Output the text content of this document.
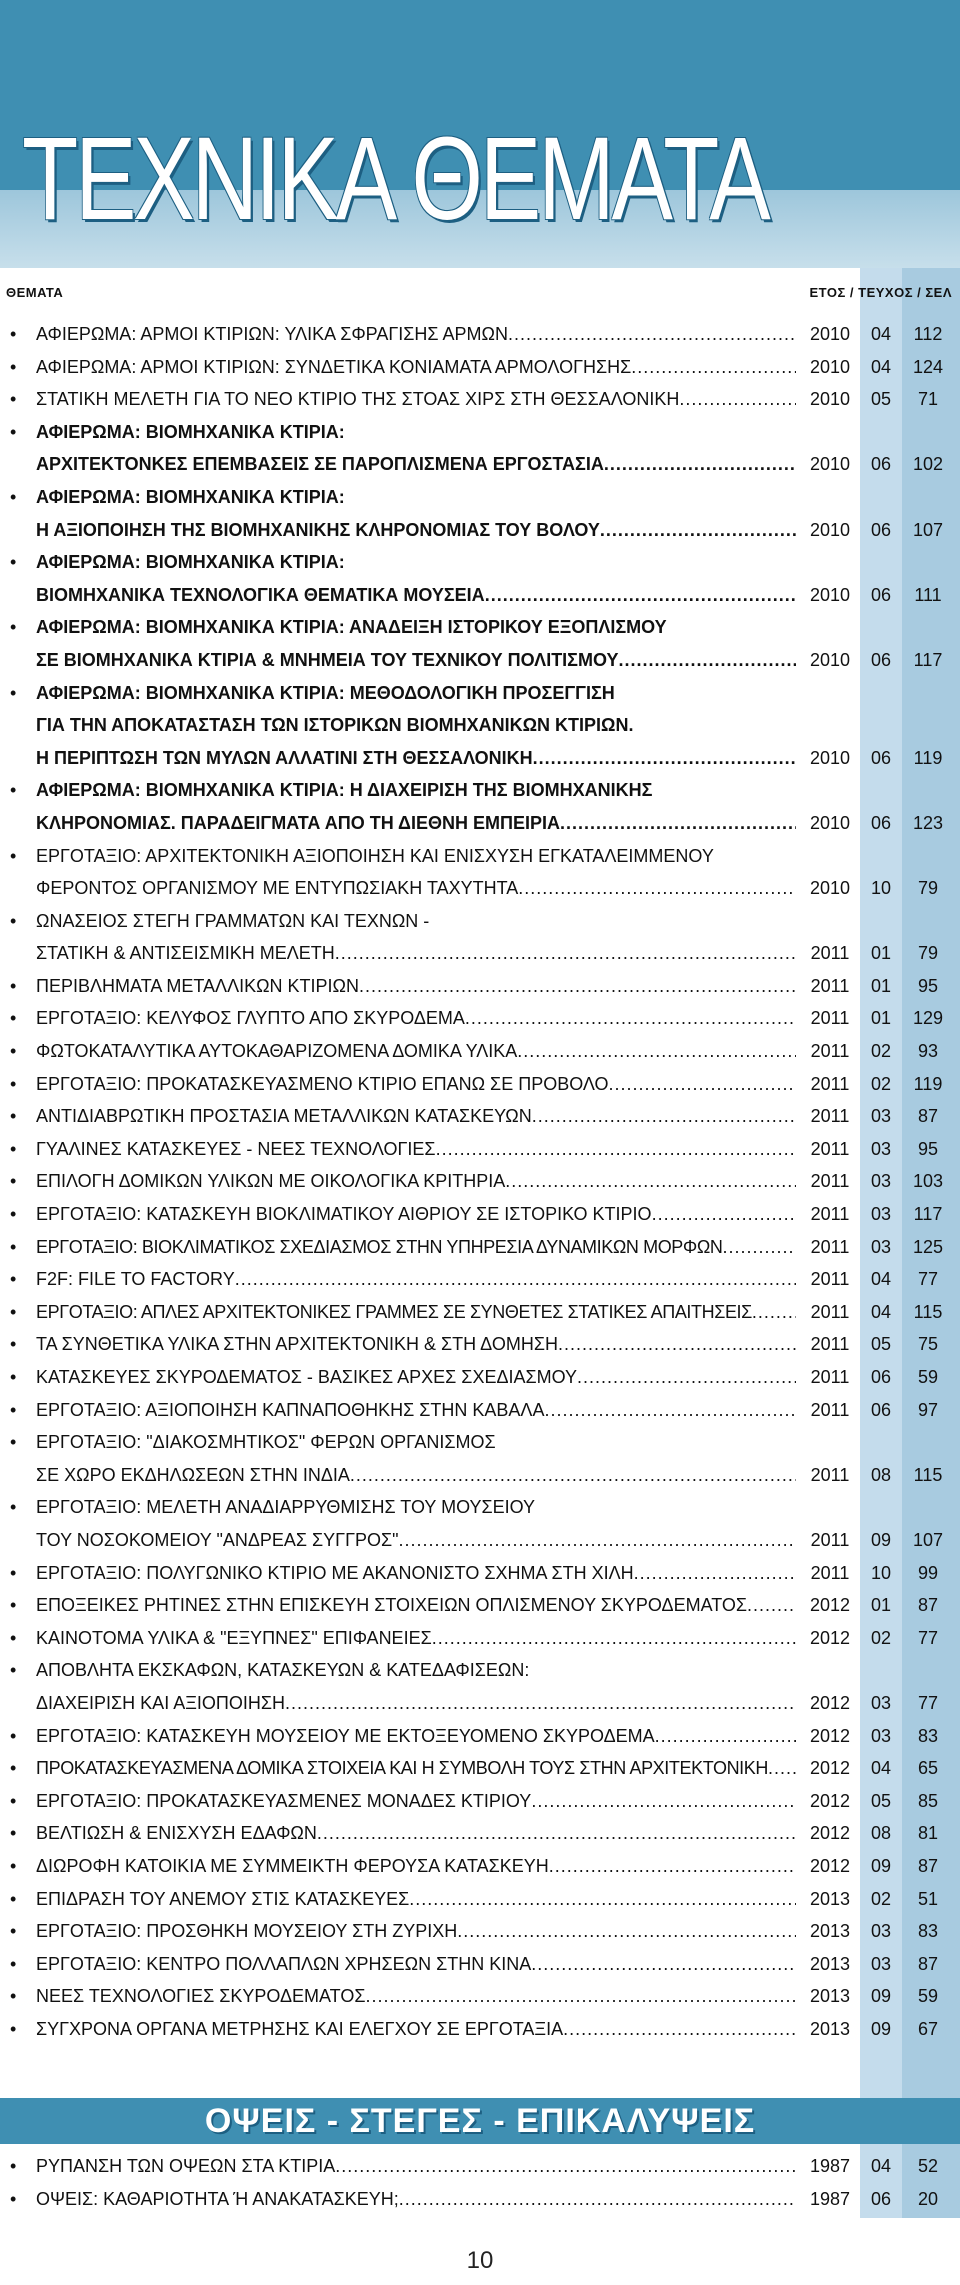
ΤΕΧΝΙΚΑ ΘΕΜΑΤΑ
ΘΕΜΑΤΑ	ΕΤΟΣ / ΤΕΥΧΟΣ / ΣΕΛ
• ΑΦΙΕΡΩΜΑ: ΑΡΜΟΙ ΚΤΙΡΙΩΝ: ΥΛΙΚΑ ΣΦΡΑΓΙΣΗΣ ΑΡΜΩΝ .....	2010	04	112
• ΑΦΙΕΡΩΜΑ: ΑΡΜΟΙ ΚΤΙΡΙΩΝ: ΣΥΝΔΕΤΙΚΑ ΚΟΝΙΑΜΑΤΑ ΑΡΜΟΛΟΓΗΣΗΣ .....	2010	04	124
• ΣΤΑΤΙΚΗ ΜΕΛΕΤΗ ΓΙΑ ΤΟ ΝΕΟ ΚΤΙΡΙΟ ΤΗΣ ΣΤΟΑΣ ΧΙΡΣ ΣΤΗ ΘΕΣΣΑΛΟΝΙΚΗ .....	2010	05	71
• ΑΦΙΕΡΩΜΑ: ΒΙΟΜΗΧΑΝΙΚΑ ΚΤΙΡΙΑ:
ΑΡΧΙΤΕΚΤΟΝΚΕΣ ΕΠΕΜΒΑΣΕΙΣ ΣΕ ΠΑΡΟΠΛΙΣΜΕΝΑ ΕΡΓΟΣΤΑΣΙΑ .....	2010	06	102
• ΑΦΙΕΡΩΜΑ: ΒΙΟΜΗΧΑΝΙΚΑ ΚΤΙΡΙΑ:
Η ΑΞΙΟΠΟΙΗΣΗ ΤΗΣ ΒΙΟΜΗΧΑΝΙΚΗΣ ΚΛΗΡΟΝΟΜΙΑΣ ΤΟΥ ΒΟΛΟΥ .....	2010	06	107
• ΑΦΙΕΡΩΜΑ: ΒΙΟΜΗΧΑΝΙΚΑ ΚΤΙΡΙΑ:
ΒΙΟΜΗΧΑΝΙΚΑ ΤΕΧΝΟΛΟΓΙΚΑ ΘΕΜΑΤΙΚΑ ΜΟΥΣΕΙΑ .....	2010	06	111
• ΑΦΙΕΡΩΜΑ: ΒΙΟΜΗΧΑΝΙΚΑ ΚΤΙΡΙΑ: ΑΝΑΔΕΙΞΗ ΙΣΤΟΡΙΚΟΥ ΕΞΟΠΛΙΣΜΟΥ
ΣΕ ΒΙΟΜΗΧΑΝΙΚΑ ΚΤΙΡΙΑ & ΜΝΗΜΕΙΑ ΤΟΥ ΤΕΧΝΙΚΟΥ ΠΟΛΙΤΙΣΜΟΥ .....	2010	06	117
• ΑΦΙΕΡΩΜΑ: ΒΙΟΜΗΧΑΝΙΚΑ ΚΤΙΡΙΑ: ΜΕΘΟΔΟΛΟΓΙΚΗ ΠΡΟΣΕΓΓΙΣΗ
ΓΙΑ ΤΗΝ ΑΠΟΚΑΤΑΣΤΑΣΗ ΤΩΝ ΙΣΤΟΡΙΚΩΝ ΒΙΟΜΗΧΑΝΙΚΩΝ ΚΤΙΡΙΩΝ.
Η ΠΕΡΙΠΤΩΣΗ ΤΩΝ ΜΥΛΩΝ ΑΛΛΑΤΙΝΙ ΣΤΗ ΘΕΣΣΑΛΟΝΙΚΗ .....	2010	06	119
• ΑΦΙΕΡΩΜΑ: ΒΙΟΜΗΧΑΝΙΚΑ ΚΤΙΡΙΑ: Η ΔΙΑΧΕΙΡΙΣΗ ΤΗΣ ΒΙΟΜΗΧΑΝΙΚΗΣ
ΚΛΗΡΟΝΟΜΙΑΣ. ΠΑΡΑΔΕΙΓΜΑΤΑ ΑΠΟ ΤΗ ΔΙΕΘΝΗ ΕΜΠΕΙΡΙΑ .....	2010	06	123
• ΕΡΓΟΤΑΞΙΟ: ΑΡΧΙΤΕΚΤΟΝΙΚΗ ΑΞΙΟΠΟΙΗΣΗ ΚΑΙ ΕΝΙΣΧΥΣΗ ΕΓΚΑΤΑΛΕΙΜΜΕΝΟΥ
ΦΕΡΟΝΤΟΣ ΟΡΓΑΝΙΣΜΟΥ ΜΕ ΕΝΤΥΠΩΣΙΑΚΗ ΤΑΧΥΤΗΤΑ .....	2010	10	79
• ΩΝΑΣΕΙΟΣ ΣΤΕΓΗ ΓΡΑΜΜΑΤΩΝ ΚΑΙ ΤΕΧΝΩΝ -
ΣΤΑΤΙΚΗ & ΑΝΤΙΣΕΙΣΜΙΚΗ ΜΕΛΕΤΗ .....	2011	01	79
• ΠΕΡΙΒΛΗΜΑΤΑ ΜΕΤΑΛΛΙΚΩΝ ΚΤΙΡΙΩΝ .....	2011	01	95
• ΕΡΓΟΤΑΞΙΟ: ΚΕΛΥΦΟΣ ΓΛΥΠΤΟ ΑΠΟ ΣΚΥΡΟΔΕΜΑ .....	2011	01	129
• ΦΩΤΟΚΑΤΑΛΥΤΙΚΑ ΑΥΤΟΚΑΘΑΡΙΖΟΜΕΝΑ ΔΟΜΙΚΑ ΥΛΙΚΑ .....	2011	02	93
• ΕΡΓΟΤΑΞΙΟ: ΠΡΟΚΑΤΑΣΚΕΥΑΣΜΕΝΟ ΚΤΙΡΙΟ ΕΠΑΝΩ ΣΕ ΠΡΟΒΟΛΟ .....	2011	02	119
• ΑΝΤΙΔΙΑΒΡΩΤΙΚΗ ΠΡΟΣΤΑΣΙΑ ΜΕΤΑΛΛΙΚΩΝ ΚΑΤΑΣΚΕΥΩΝ .....	2011	03	87
• ΓΥΑΛΙΝΕΣ ΚΑΤΑΣΚΕΥΕΣ - ΝΕΕΣ ΤΕΧΝΟΛΟΓΙΕΣ .....	2011	03	95
• ΕΠΙΛΟΓΗ ΔΟΜΙΚΩΝ ΥΛΙΚΩΝ ΜΕ ΟΙΚΟΛΟΓΙΚΑ ΚΡΙΤΗΡΙΑ .....	2011	03	103
• ΕΡΓΟΤΑΞΙΟ: ΚΑΤΑΣΚΕΥΗ ΒΙΟΚΛΙΜΑΤΙΚΟΥ ΑΙΘΡΙΟΥ ΣΕ ΙΣΤΟΡΙΚΟ ΚΤΙΡΙΟ .....	2011	03	117
• ΕΡΓΟΤΑΞΙΟ: ΒΙΟΚΛΙΜΑΤΙΚΟΣ ΣΧΕΔΙΑΣΜΟΣ ΣΤΗΝ ΥΠΗΡΕΣΙΑ ΔΥΝΑΜΙΚΩΝ ΜΟΡΦΩΝ .....	2011	03	125
• F2F: FILE TO FACTORY .....	2011	04	77
• ΕΡΓΟΤΑΞΙΟ: ΑΠΛΕΣ ΑΡΧΙΤΕΚΤΟΝΙΚΕΣ ΓΡΑΜΜΕΣ ΣΕ ΣΥΝΘΕΤΕΣ ΣΤΑΤΙΚΕΣ ΑΠΑΙΤΗΣΕΙΣ .....	2011	04	115
• ΤΑ ΣΥΝΘΕΤΙΚΑ ΥΛΙΚΑ ΣΤΗΝ ΑΡΧΙΤΕΚΤΟΝΙΚΗ & ΣΤΗ ΔΟΜΗΣΗ .....	2011	05	75
• ΚΑΤΑΣΚΕΥΕΣ ΣΚΥΡΟΔΕΜΑΤΟΣ - ΒΑΣΙΚΕΣ ΑΡΧΕΣ ΣΧΕΔΙΑΣΜΟΥ .....	2011	06	59
• ΕΡΓΟΤΑΞΙΟ: ΑΞΙΟΠΟΙΗΣΗ ΚΑΠΝΑΠΟΘΗΚΗΣ ΣΤΗΝ ΚΑΒΑΛΑ .....	2011	06	97
• ΕΡΓΟΤΑΞΙΟ: "ΔΙΑΚΟΣΜΗΤΙΚΟΣ" ΦΕΡΩΝ ΟΡΓΑΝΙΣΜΟΣ
ΣΕ ΧΩΡΟ ΕΚΔΗΛΩΣΕΩΝ ΣΤΗΝ ΙΝΔΙΑ .....	2011	08	115
• ΕΡΓΟΤΑΞΙΟ: ΜΕΛΕΤΗ ΑΝΑΔΙΑΡΡΥΘΜΙΣΗΣ ΤΟΥ ΜΟΥΣΕΙΟΥ
ΤΟΥ ΝΟΣΟΚΟΜΕΙΟΥ "ΑΝΔΡΕΑΣ ΣΥΓΓΡΟΣ" .....	2011	09	107
• ΕΡΓΟΤΑΞΙΟ: ΠΟΛΥΓΩΝΙΚΟ ΚΤΙΡΙΟ ΜΕ ΑΚΑΝΟΝΙΣΤΟ ΣΧΗΜΑ ΣΤΗ ΧΙΛΗ .....	2011	10	99
• ΕΠΟΞΕΙΚΕΣ ΡΗΤΙΝΕΣ ΣΤΗΝ ΕΠΙΣΚΕΥΗ ΣΤΟΙΧΕΙΩΝ ΟΠΛΙΣΜΕΝΟΥ ΣΚΥΡΟΔΕΜΑΤΟΣ .....	2012	01	87
• ΚΑΙΝΟΤΟΜΑ ΥΛΙΚΑ & "ΕΞΥΠΝΕΣ" ΕΠΙΦΑΝΕΙΕΣ .....	2012	02	77
• ΑΠΟΒΛΗΤΑ ΕΚΣΚΑΦΩΝ, ΚΑΤΑΣΚΕΥΩΝ & ΚΑΤΕΔΑΦΙΣΕΩΝ:
ΔΙΑΧΕΙΡΙΣΗ ΚΑΙ ΑΞΙΟΠΟΙΗΣΗ .....	2012	03	77
• ΕΡΓΟΤΑΞΙΟ: ΚΑΤΑΣΚΕΥΗ ΜΟΥΣΕΙΟΥ ΜΕ ΕΚΤΟΞΕΥΟΜΕΝΟ ΣΚΥΡΟΔΕΜΑ .....	2012	03	83
• ΠΡΟΚΑΤΑΣΚΕΥΑΣΜΕΝΑ ΔΟΜΙΚΑ ΣΤΟΙΧΕΙΑ ΚΑΙ Η ΣΥΜΒΟΛΗ ΤΟΥΣ ΣΤΗΝ ΑΡΧΙΤΕΚΤΟΝΙΚΗ .....	2012	04	65
• ΕΡΓΟΤΑΞΙΟ: ΠΡΟΚΑΤΑΣΚΕΥΑΣΜΕΝΕΣ ΜΟΝΑΔΕΣ ΚΤΙΡΙΟΥ .....	2012	05	85
• ΒΕΛΤΙΩΣΗ & ΕΝΙΣΧΥΣΗ ΕΔΑΦΩΝ .....	2012	08	81
• ΔΙΩΡΟΦΗ ΚΑΤΟΙΚΙΑ ΜΕ ΣΥΜΜΕΙΚΤΗ ΦΕΡΟΥΣΑ ΚΑΤΑΣΚΕΥΗ .....	2012	09	87
• ΕΠΙΔΡΑΣΗ ΤΟΥ ΑΝΕΜΟΥ ΣΤΙΣ ΚΑΤΑΣΚΕΥΕΣ .....	2013	02	51
• ΕΡΓΟΤΑΞΙΟ: ΠΡΟΣΘΗΚΗ ΜΟΥΣΕΙΟΥ ΣΤΗ ΖΥΡΙΧΗ .....	2013	03	83
• ΕΡΓΟΤΑΞΙΟ: ΚΕΝΤΡΟ ΠΟΛΛΑΠΛΩΝ ΧΡΗΣΕΩΝ ΣΤΗΝ ΚΙΝΑ .....	2013	03	87
• ΝΕΕΣ ΤΕΧΝΟΛΟΓΙΕΣ ΣΚΥΡΟΔΕΜΑΤΟΣ .....	2013	09	59
• ΣΥΓΧΡΟΝΑ ΟΡΓΑΝΑ ΜΕΤΡΗΣΗΣ ΚΑΙ ΕΛΕΓΧΟΥ ΣΕ ΕΡΓΟΤΑΞΙΑ .....	2013	09	67
ΟΨΕΙΣ - ΣΤΕΓΕΣ - ΕΠΙΚΑΛΥΨΕΙΣ
• ΡΥΠΑΝΣΗ ΤΩΝ ΟΨΕΩΝ ΣΤΑ ΚΤΙΡΙΑ .....	1987	04	52
• ΟΨΕΙΣ: ΚΑΘΑΡΙΟΤΗΤΑ Ή ΑΝΑΚΑΤΑΣΚΕΥΗ; .....	1987	06	20
10
